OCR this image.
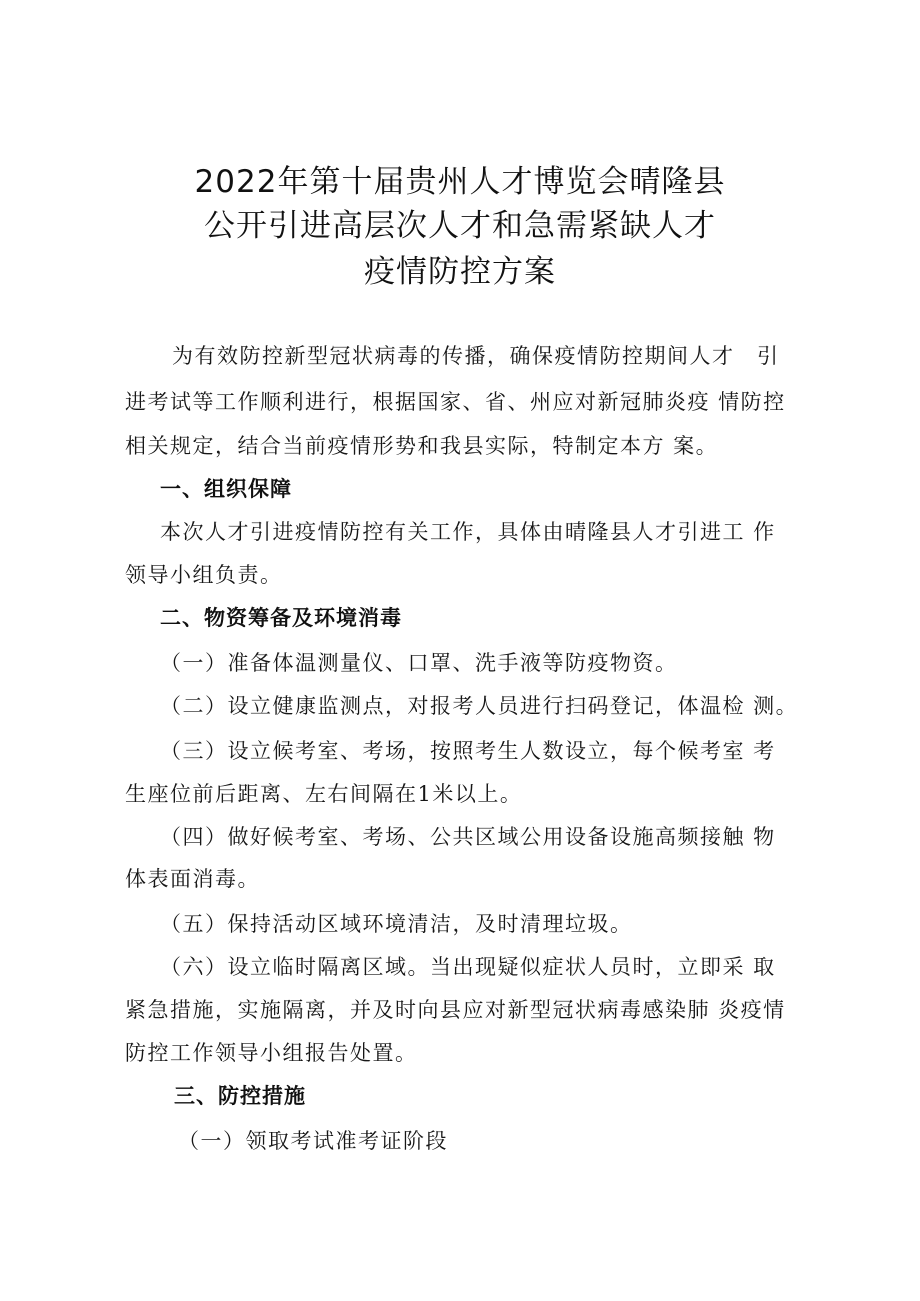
2022年第十届贵州人才博览会晴隆县
公开引进高层次人才和急需紧缺人才
疫情防控方案
为有效防控新型冠状病毒的传播，确保疫情防控期间人才　引
进考试等工作顺利进行，根据国家、省、州应对新冠肺炎疫 情防控
相关规定，结合当前疫情形势和我县实际，特制定本方 案。
一、组织保障
本次人才引进疫情防控有关工作，具体由晴隆县人才引进工 作
领导小组负责。
二、物资筹备及环境消毒
（一）准备体温测量仪、口罩、洗手液等防疫物资。
（二）设立健康监测点，对报考人员进行扫码登记，体温检 测。
（三）设立候考室、考场，按照考生人数设立，每个候考室 考
生座位前后距离、左右间隔在1米以上。
（四）做好候考室、考场、公共区域公用设备设施高频接触 物
体表面消毒。
（五）保持活动区域环境清洁，及时清理垃圾。
（六）设立临时隔离区域。当出现疑似症状人员时，立即采 取
紧急措施，实施隔离，并及时向县应对新型冠状病毒感染肺 炎疫情
防控工作领导小组报告处置。
三、防控措施
（一）领取考试准考证阶段
